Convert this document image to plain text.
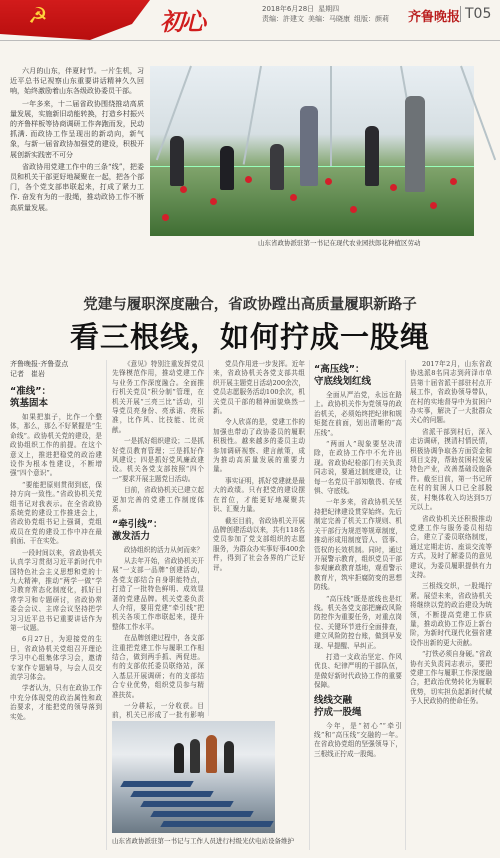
☭	初心	2018年6月28日 星期四
责编：許建文 美编：马晓康 组版：颜莉	齐鲁晚报 T05

六月的山东，伴夏时节。一片生机，习近平总书记视察山东重要讲话精神久久回响，始终激励着山东各级政协委员干部。

一年多来，十二届省政协围绕推动高质量发展，实施新旧动能转换，打造乡村振兴的齐鲁样板等协商调研工作奔跑而发，民动抓满. 而政协工作呈现出的新动向，新气象，与新一届省政协加强党的建设，积极开展创新实践密不可分

省政协用党建工作中的三条“线”，把委员和机关干部更好地凝聚在一起，把各个部门，各个党支部串联起来，打成了紧力工作. 奋发有为的一股绳，推动政协工作不断高质量发展。

山东省政协派驻第一书记在现代农业园扶郎花种植区劳动
党建与履职深度融合，省政协蹚出高质量履职新路子
看三根线，如何拧成一股绳
齐鲁晚报·齐鲁壹点
记者　崔岩
“准线”：
筑基固本

如果把旗子，比作一个整体，那么，那么不好紧握是“生命线”。政协机关党的建设，是政协组织工作的前提。在这个意义上，推进把稳党的政治建设作为根本性建设，不断增强“四个意识”。

“要能把原则贯彻到底，保持方向一致性。”省政协机关党组书记对我表示。在全省政协系统党的建设工作推进会上，省政协党组书记上强调，党组成员在党的建设工作中冲在最前面、干在实处。

一段时间以来，省政协机关认真学习贯彻习近平新时代中国特色社会主义思想和党的十九大精神，推动“两学一做”学习教育常态化制度化，抓好日常学习和专题研讨，省政协常委会会议、主席会议坚持把学习习近平总书记重要讲话作为第一议题。

6月27日，为迎接党的生日，省政协机关党组召开理论学习中心组集体学习会，邀请专家作专题辅导，与会人员交流学习体会。

学者认为，只有在政协工作中充分体现党的政治属性和政治要求，才能把党的领导落到实处。

《意见》特别注重发挥党员先锋模范作用，推动党建工作与业务工作深度融合。全面推行机关党员“积分制”管理，在机关开展“三亮三比”活动，引导党员亮身份、亮承诺、亮标准，比作风、比技能、比贡献。

一是抓好组织建设；二是抓好党员教育管理；三是抓好作风建设；四是抓好党风廉政建设。机关各党支部按照“四个一”要求开展主题党日活动。

目前，省政协机关已建立起更加完善的党建工作制度体系。

“牵引线”：
激发活力

政协组织的活力从何而来？

从去年开始，省政协机关开展“一支部一品牌”创建活动，各党支部结合自身职能特点，打造了一批特色鲜明、成效显著的党建品牌。机关党委负责人介绍，要用党建“牵引线”把机关各项工作串联起来，提升整体工作水平。

在品牌创建过程中，各支部注重把党建工作与履职工作相结合，做到两手抓、两促进。有的支部依托委员联络站，深入基层开展调研；有的支部结合专业优势，组织党员参与精准扶贫。

一分耕耘，一分收获。目前，机关已形成了一批有影响

党员作用进一步发挥。近年来，省政协机关各党支部共组织开展主题党日活动200余次，党员志愿服务活动100余次，机关党员干部的精神面貌焕然一新。

令人欣喜的是，党建工作的加强也带动了政协委员的履职积极性。越来越多的委员主动参加调研视察、建言献策，成为推动高质量发展的重要力量。

事实证明，抓好党建就是最大的政绩。只有把党的建设摆在首位，才能更好地凝聚共识、汇聚力量。

截至目前，省政协机关开展品牌创建活动以来，共有118名党员参加了党支部组织的志愿服务，为群众办实事好事400余件，得到了社会各界的广泛好评。

山东省政协派驻第一书记与工作人员进行村级光伏电站设备维护
“高压线”：
守底线划红线

全面从严治党，永远在路上。政协机关作为党领导的政治机关，必须始终把纪律和规矩挺在前面，划出清晰的“高压线”。

“两面人”现象要坚决清除，在政协工作中不允许出现。省政协纪检部门有关负责同志说，要通过制度建设，让每一名党员干部知敬畏、存戒惧、守底线。

一年多来，省政协机关坚持把纪律建设贯穿始终。先后制定完善了机关工作规则、机关干部行为规范等规章制度，推动形成用制度管人、管事、管权的长效机制。同时，通过开展警示教育，组织党员干部参观廉政教育基地，观看警示教育片，筑牢拒腐防变的思想防线。

“高压线”既是底线也是红线。机关各党支部把廉政风险防控作为重要任务，对重点岗位、关键环节进行全面排查，建立风险防控台账，做到早发现、早提醒、早纠正。

打造一支政治坚定、作风优良、纪律严明的干部队伍，是做好新时代政协工作的重要保障。

线线交融
拧成一股绳

今年，是“初心”“牵引线”和“高压线”交融的一年。在省政协党组的坚强领导下，三根线正拧成一股绳。

2017年2月，山东省政协选派8名同志到菏泽市单县第十届省派干部驻村点开展工作，省政协领导带队，在村的实地督导中为贫困户办实事，解决了一大批群众关心的问题。

省派干部到村后，深入走访调研，摸清村情民情，积极协调争取各方面资金和项目支持，帮助贫困村发展特色产业，改善基础设施条件。截至目前，第一书记所在村的贫困人口已全部脱贫，村集体收入均达到5万元以上。

省政协机关还积极推动党建工作与服务委员相结合，建立了委员联络制度，通过定期走访、座谈交流等方式，及时了解委员的意见建议，为委员履职提供有力支持。

三根线交织，一股绳拧紧。展望未来，省政协机关将继续以党的政治建设为统领，不断提高党建工作质量，推动政协工作迈上新台阶，为新时代现代化强省建设作出新的更大贡献。

“打铁必须自身硬。”省政协有关负责同志表示，要把党建工作与履职工作深度融合，把政治优势转化为履职优势，切实担负起新时代赋予人民政协的使命任务。
